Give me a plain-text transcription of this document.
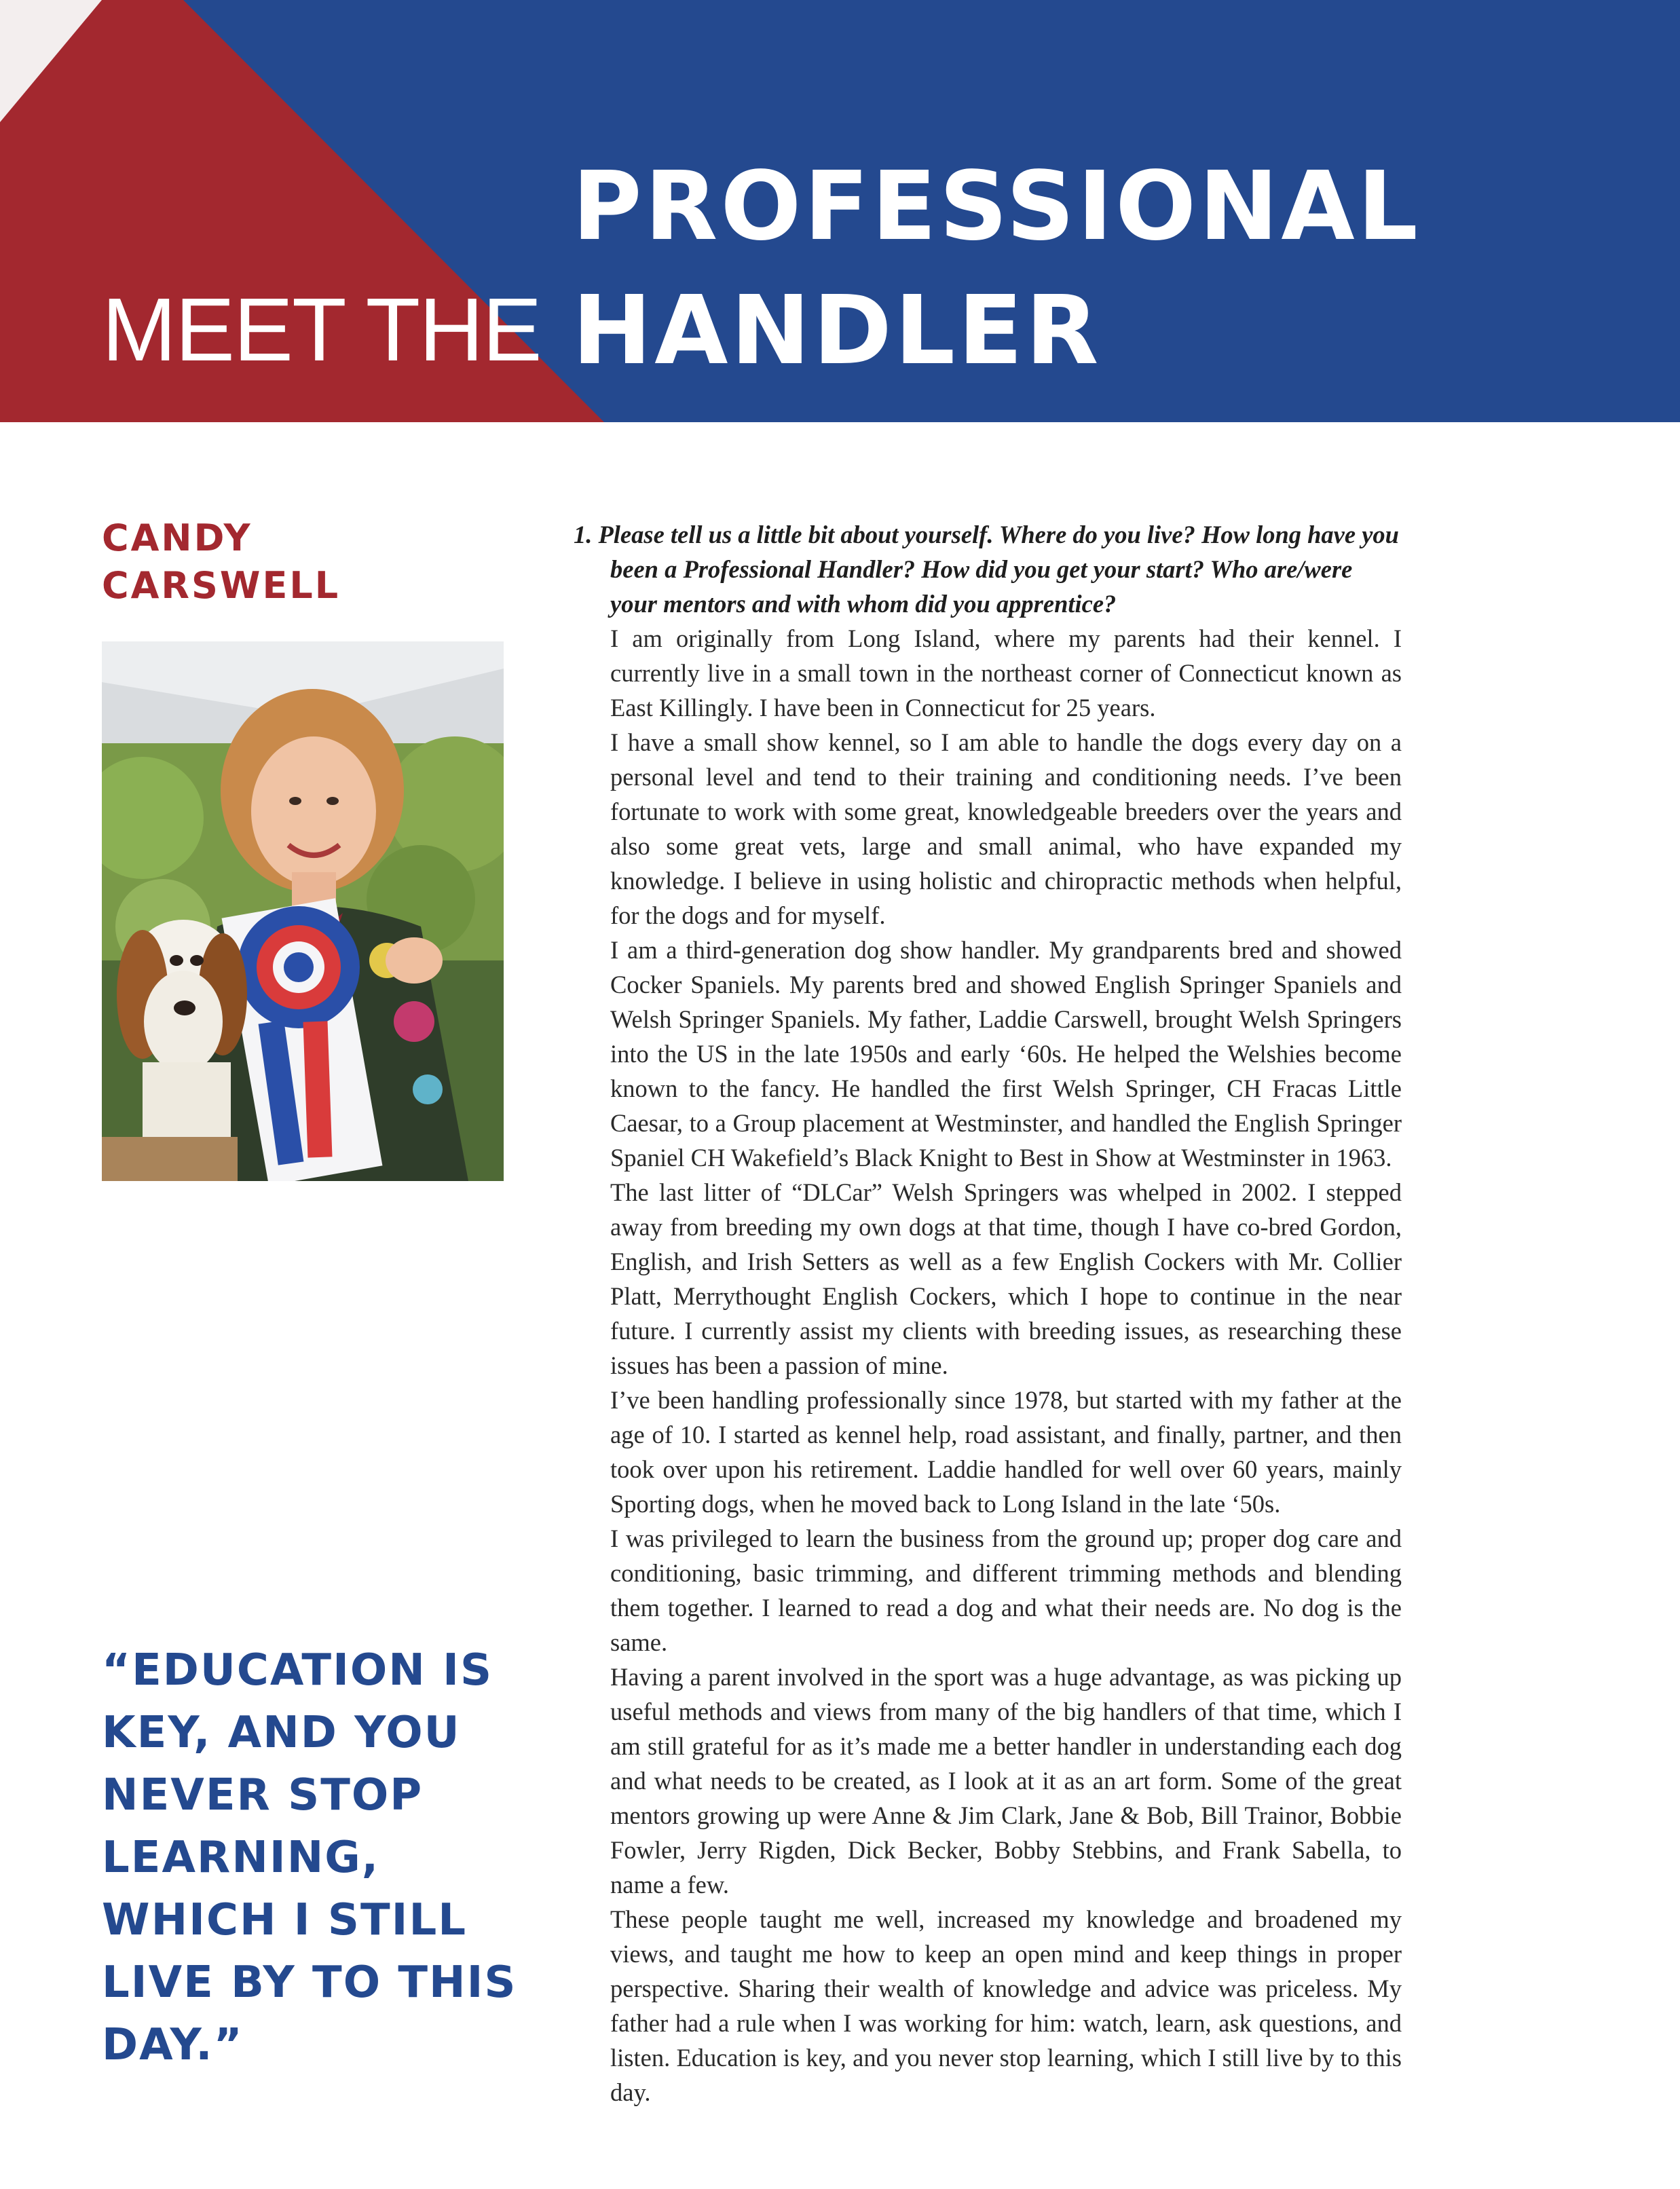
MEET THE
PROFESSIONAL
HANDLER
CANDY
CARSWELL
“EDUCATION IS KEY, AND YOU NEVER STOP LEARNING, WHICH I STILL LIVE BY TO THIS DAY.”

1. Please tell us a little bit about yourself. Where do you live? How long have you been a Professional Handler? How did you get your start? Who are/were your mentors and with whom did you apprentice?

I am originally from Long Island, where my parents had their kennel. I currently live in a small town in the northeast corner of Connecticut known as East Killingly. I have been in Connecticut for 25 years.

I have a small show kennel, so I am able to handle the dogs every day on a personal level and tend to their training and conditioning needs. I’ve been fortunate to work with some great, knowledgeable breeders over the years and also some great vets, large and small animal, who have expanded my knowledge. I believe in using holistic and chiropractic methods when helpful, for the dogs and for myself.

I am a third-generation dog show handler. My grandparents bred and showed Cocker Spaniels. My parents bred and showed English Springer Spaniels and Welsh Springer Spaniels. My father, Laddie Carswell, brought Welsh Springers into the US in the late 1950s and early ‘60s. He helped the Welshies become known to the fancy. He handled the first Welsh Springer, CH Fracas Little Caesar, to a Group placement at Westminster, and handled the English Springer Spaniel CH Wakefield’s Black Knight to Best in Show at Westminster in 1963.

The last litter of “DLCar” Welsh Springers was whelped in 2002. I stepped away from breeding my own dogs at that time, though I have co-bred Gordon, English, and Irish Setters as well as a few English Cockers with Mr. Collier Platt, Merrythought English Cockers, which I hope to continue in the near future. I currently assist my clients with breeding issues, as researching these issues has been a passion of mine.

I’ve been handling professionally since 1978, but started with my father at the age of 10. I started as kennel help, road assistant, and finally, partner, and then took over upon his retirement. Laddie handled for well over 60 years, mainly Sporting dogs, when he moved back to Long Island in the late ‘50s.

I was privileged to learn the business from the ground up; proper dog care and conditioning, basic trimming, and different trimming methods and blending them together. I learned to read a dog and what their needs are. No dog is the same.

Having a parent involved in the sport was a huge advantage, as was picking up useful methods and views from many of the big handlers of that time, which I am still grateful for as it’s made me a better handler in understanding each dog and what needs to be created, as I look at it as an art form. Some of the great mentors growing up were Anne & Jim Clark, Jane & Bob, Bill Trainor, Bobbie Fowler, Jerry Rigden, Dick Becker, Bobby Stebbins, and Frank Sabella, to name a few.

These people taught me well, increased my knowledge and broadened my views, and taught me how to keep an open mind and keep things in proper perspective. Sharing their wealth of knowledge and advice was priceless. My father had a rule when I was working for him: watch, learn, ask questions, and listen. Education is key, and you never stop learning, which I still live by to this day.
